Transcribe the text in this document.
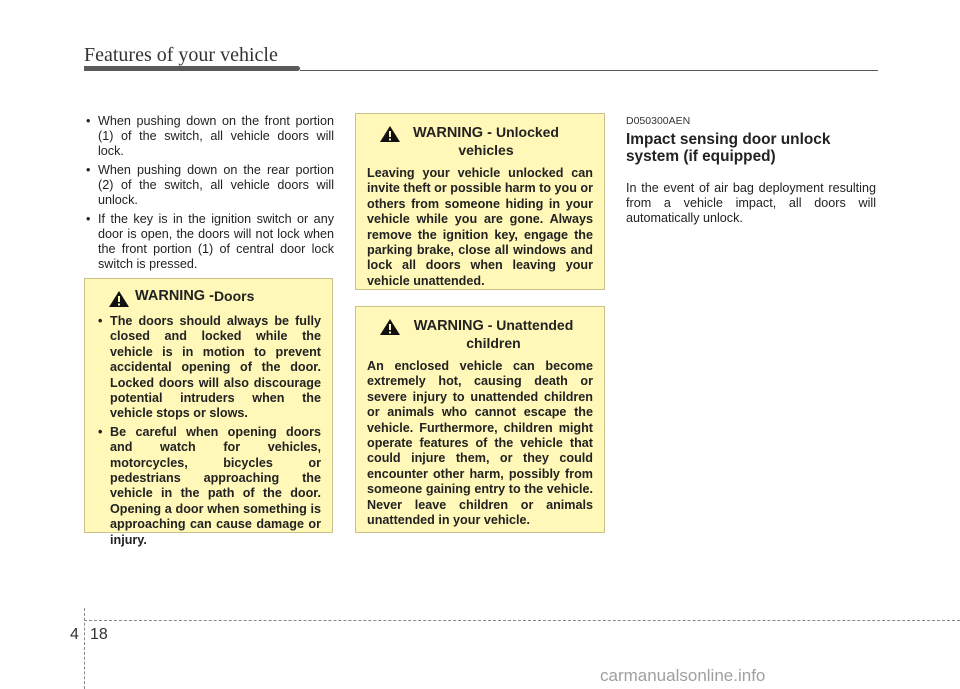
Features of your vehicle
• When pushing down on the front portion (1) of the switch, all vehicle doors will lock.
• When pushing down on the rear portion (2) of the switch, all vehicle doors will unlock.
• If the key is in the ignition switch or any door is open, the doors will not lock when the front portion (1) of central door lock switch is pressed.
WARNING - Doors
• The doors should always be fully closed and locked while the vehicle is in motion to prevent accidental opening of the door. Locked doors will also discourage potential intruders when the vehicle stops or slows.
• Be careful when opening doors and watch for vehicles, motorcycles, bicycles or pedestrians approaching the vehicle in the path of the door. Opening a door when something is approaching can cause damage or injury.
WARNING - Unlocked vehicles
Leaving your vehicle unlocked can invite theft or possible harm to you or others from someone hiding in your vehicle while you are gone. Always remove the ignition key, engage the parking brake, close all windows and lock all doors when leaving your vehicle unattended.
WARNING - Unattended children
An enclosed vehicle can become extremely hot, causing death or severe injury to unattended children or animals who cannot escape the vehicle. Furthermore, children might operate features of the vehicle that could injure them, or they could encounter other harm, possibly from someone gaining entry to the vehicle. Never leave children or animals unattended in your vehicle.
D050300AEN
Impact sensing door unlock system (if equipped)
In the event of air bag deployment resulting from a vehicle impact, all doors will automatically unlock.
4 18
carmanualsonline.info
